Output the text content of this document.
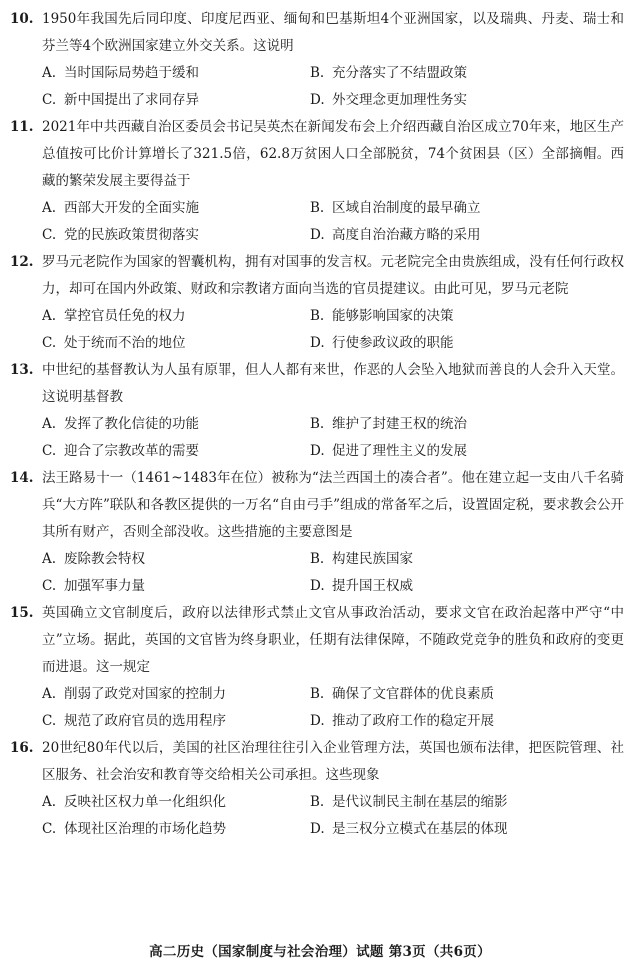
10. 1950年我国先后同印度、印度尼西亚、缅甸和巴基斯坦4个亚洲国家，以及瑞典、丹麦、瑞士和芬兰等4个欧洲国家建立外交关系。这说明
A. 当时国际局势趋于缓和	B. 充分落实了不结盟政策
C. 新中国提出了求同存异	D. 外交理念更加理性务实
11. 2021年中共西藏自治区委员会书记吴英杰在新闻发布会上介绍西藏自治区成立70年来，地区生产总值按可比价计算增长了321.5倍，62.8万贫困人口全部脱贫，74个贫困县（区）全部摘帽。西藏的繁荣发展主要得益于
A. 西部大开发的全面实施	B. 区域自治制度的最早确立
C. 党的民族政策贯彻落实	D. 高度自治治藏方略的采用
12. 罗马元老院作为国家的智囊机构，拥有对国事的发言权。元老院完全由贵族组成，没有任何行政权力，却可在国内外政策、财政和宗教诸方面向当选的官员提建议。由此可见，罗马元老院
A. 掌控官员任免的权力	B. 能够影响国家的决策
C. 处于统而不治的地位	D. 行使参政议政的职能
13. 中世纪的基督教认为人虽有原罪，但人人都有来世，作恶的人会坠入地狱而善良的人会升入天堂。这说明基督教
A. 发挥了教化信徒的功能	B. 维护了封建王权的统治
C. 迎合了宗教改革的需要	D. 促进了理性主义的发展
14. 法王路易十一（1461~1483年在位）被称为“法兰西国土的凑合者”。他在建立起一支由八千名骑兵“大方阵”联队和各教区提供的一万名“自由弓手”组成的常备军之后，设置固定税，要求教会公开其所有财产，否则全部没收。这些措施的主要意图是
A. 废除教会特权	B. 构建民族国家
C. 加强军事力量	D. 提升国王权威
15. 英国确立文官制度后，政府以法律形式禁止文官从事政治活动，要求文官在政治起落中严守“中立”立场。据此，英国的文官皆为终身职业，任期有法律保障，不随政党竞争的胜负和政府的变更而进退。这一规定
A. 削弱了政党对国家的控制力	B. 确保了文官群体的优良素质
C. 规范了政府官员的选用程序	D. 推动了政府工作的稳定开展
16. 20世纪80年代以后，美国的社区治理往往引入企业管理方法，英国也颁布法律，把医院管理、社区服务、社会治安和教育等交给相关公司承担。这些现象
A. 反映社区权力单一化组织化	B. 是代议制民主制在基层的缩影
C. 体现社区治理的市场化趋势	D. 是三权分立模式在基层的体现
高二历史（国家制度与社会治理）试题 第3页（共6页）
